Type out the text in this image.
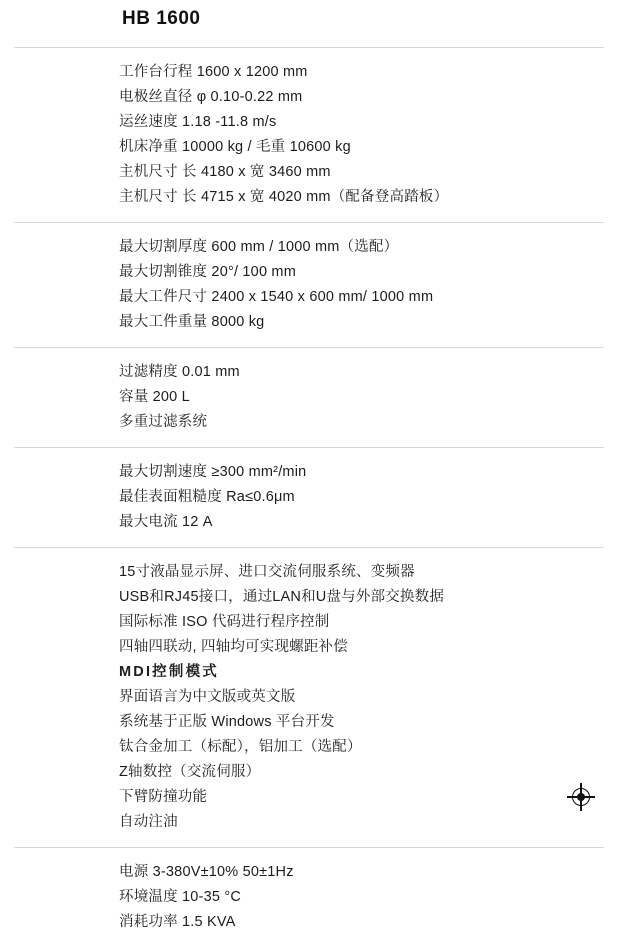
HB 1600
工作台行程 1600 x 1200 mm
电极丝直径 φ 0.10-0.22 mm
运丝速度 1.18 -11.8 m/s
机床净重 10000 kg / 毛重 10600 kg
主机尺寸 长 4180 x 宽 3460 mm
主机尺寸 长 4715 x 宽 4020 mm（配备登高踏板）
最大切割厚度 600 mm / 1000 mm（选配）
最大切割锥度 20°/ 100 mm
最大工件尺寸 2400 x 1540 x 600 mm/ 1000 mm
最大工件重量 8000 kg
过滤精度 0.01 mm
容量 200 L
多重过滤系统
最大切割速度 ≥300 mm²/min
最佳表面粗糙度 Ra≤0.6μm
最大电流 12 A
15寸液晶显示屏、进口交流伺服系统、变频器
USB和RJ45接口，通过LAN和U盘与外部交换数据
国际标准 ISO 代码进行程序控制
四轴四联动, 四轴均可实现螺距补偿
MDI控制模式
界面语言为中文版或英文版
系统基于正版 Windows 平台开发
钛合金加工（标配），铝加工（选配）
Z轴数控（交流伺服）
下臂防撞功能
自动注油
电源 3-380V±10% 50±1Hz
环境温度 10-35 °C
消耗功率 1.5 KVA
